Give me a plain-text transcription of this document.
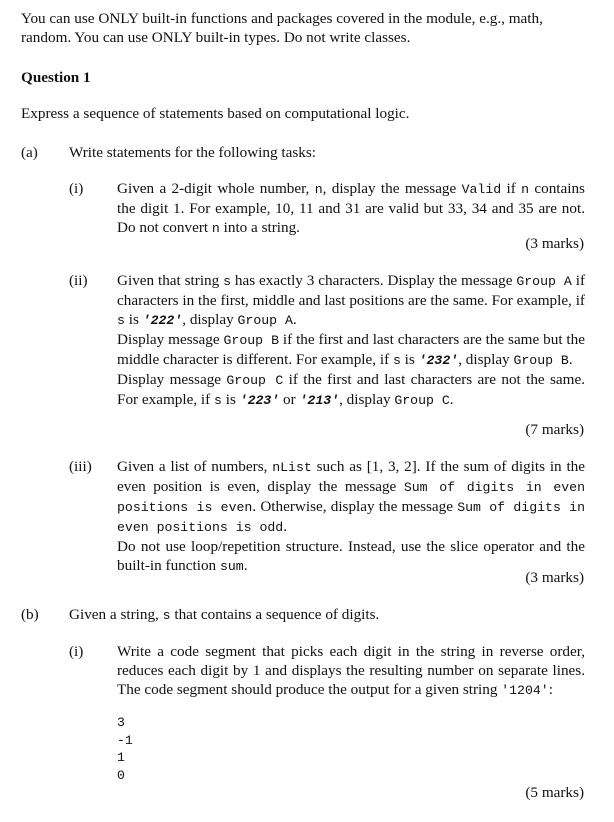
You can use ONLY built-in functions and packages covered in the module, e.g., math,

random. You can use ONLY built-in types. Do not write classes.

Question 1
Express a sequence of statements based on computational logic.
(a) Write statements for the following tasks:
(i) Given a 2-digit whole number, n, display the message Valid if n contains the digit 1. For example, 10, 11 and 31 are valid but 33, 34 and 35 are not. Do not convert n into a string.
(3 marks)
(ii) Given that string s has exactly 3 characters. Display the message Group A if characters in the first, middle and last positions are the same. For example, if s is '222', display Group A.

Display message Group B if the first and last characters are the same but the middle character is different. For example, if s is '232', display Group B.

Display message Group C if the first and last characters are not the same. For example, if s is '223' or '213', display Group C.

(7 marks)
(iii) Given a list of numbers, nList such as [1, 3, 2]. If the sum of digits in the even position is even, display the message Sum of digits in even positions is even. Otherwise, display the message Sum of digits in even positions is odd.

Do not use loop/repetition structure. Instead, use the slice operator and the built-in function sum.

(3 marks)
(b) Given a string, s that contains a sequence of digits.
(i) Write a code segment that picks each digit in the string in reverse order, reduces each digit by 1 and displays the resulting number on separate lines. The code segment should produce the output for a given string '1204':
3
-1
1
0
(5 marks)
